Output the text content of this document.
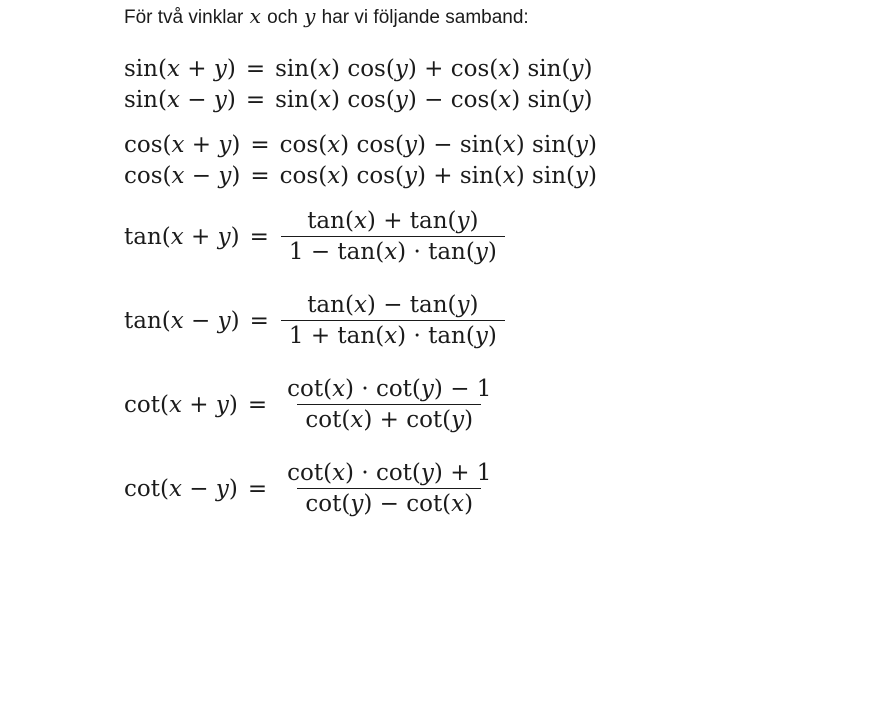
För två vinklar x och y har vi följande samband:
sin(x + y) = sin(x) cos(y) + cos(x) sin(y)
sin(x − y) = sin(x) cos(y) − cos(x) sin(y)
cos(x + y) = cos(x) cos(y) − sin(x) sin(y)
cos(x − y) = cos(x) cos(y) + sin(x) sin(y)
$\tan(x + y) = \frac{\tan(x) + \tan(y)}{1 - \tan(x) \cdot \tan(y)}$
$\tan(x - y) = \frac{\tan(x) - \tan(y)}{1 + \tan(x) \cdot \tan(y)}$
$\cot(x + y) = \frac{\cot(x) \cdot \cot(y) - 1}{\cot(x) + \cot(y)}$
$\cot(x - y) = \frac{\cot(x) \cdot \cot(y) + 1}{\cot(y) - \cot(x)}$
